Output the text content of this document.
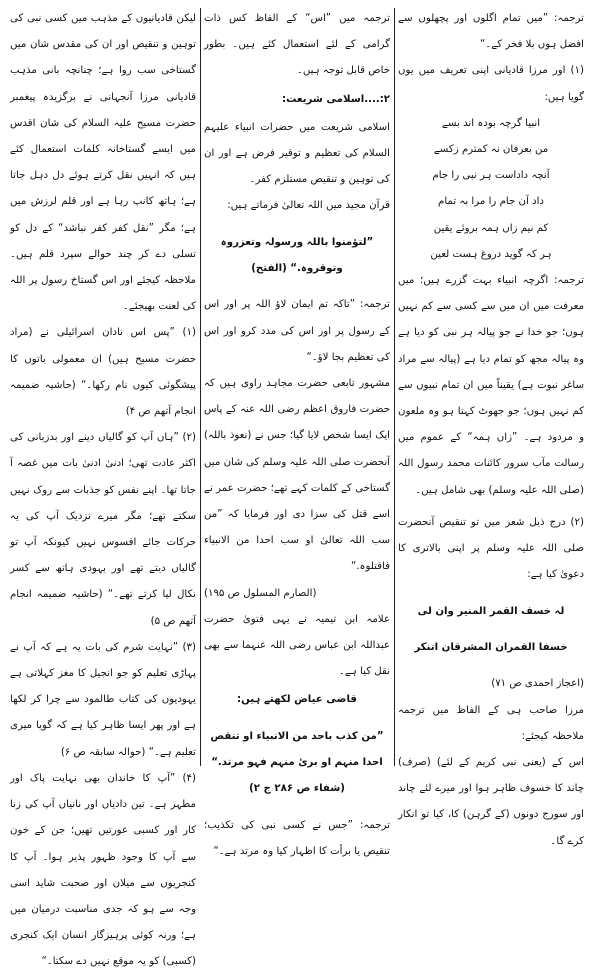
ترجمہ: ”میں تمام اگلوں اور پچھلوں سے افضل ہوں بلا فخر کے۔“

(۱) اور مرزا قادیانی اپنی تعریف میں یوں گویا ہیں:

انبیا گرچہ بودہ اند بسے

من بعرفان نہ کمترم زکسے

آنچہ داداست ہر نبی را جام

داد آن جام را مرا بہ تمام

کم نیم زاں ہمہ بروئے یقین

ہر کہ گوید دروغ ہست لعین

ترجمہ: اگرچہ انبیاء بہت گزرے ہیں؛ میں معرفت میں ان میں سے کسی سے کم نہیں ہوں؛ جو خدا نے جو پیالہ ہر نبی کو دیا ہے وہ پیالہ مجھ کو تمام دیا ہے (پیالہ سے مراد ساغر نبوت ہے) یقیناً میں ان تمام نبیوں سے کم نہیں ہوں؛ جو جھوٹ کہتا ہو وہ ملعون و مردود ہے۔ ”زاں ہمہ“ کے عموم میں رسالت مآب سرور کائنات محمد رسول اللہ (صلی اللہ علیہ وسلم) بھی شامل ہیں۔

(۲) درج ذیل شعر میں تو تنقیص آنحضرت صلی اللہ علیہ وسلم پر اپنی بالاتری کا دعویٰ کیا ہے:

لہ خسف القمر المنیر وان لی

خسفا القمران المشرقان اتنکر

(اعجاز احمدی ص ۷۱)

مرزا صاحب ہی کے الفاظ میں ترجمہ ملاحظہ کیجئے:

اس کے (یعنی نبی کریم کے لئے) (صرف) چاند کا خسوف ظاہر ہوا اور میرے لئے چاند اور سورج دونوں (کے گرہن) کا، کیا تو انکار کرے گا۔

ترجمہ میں ”اس“ کے الفاظ کس ذات گرامی کے لئے استعمال کئے ہیں۔ بطور خاص قابل توجہ ہیں۔

۲:....اسلامی شریعت:

اسلامی شریعت میں حضرات انبیاء علیہم السلام کی تعظیم و توقیر فرض ہے اور ان کی توہین و تنقیص مستلزم کفر۔

قرآن مجید میں اللہ تعالیٰ فرماتے ہیں:

”لتؤمنوا باللہ ورسولہ وتعزروہ وتوقروہ.“ (الفتح)

ترجمہ: ”تاکہ تم ایمان لاؤ اللہ پر اور اس کے رسول پر اور اس کی مدد کرو اور اس کی تعظیم بجا لاؤ۔“

مشہور تابعی حضرت مجاہد راوی ہیں کہ حضرت فاروق اعظم رضی اللہ عنہ کے پاس ایک ایسا شخص لایا گیا؛ جس نے (نعوذ باللہ) آنحضرت صلی اللہ علیہ وسلم کی شان میں گستاخی کے کلمات کہے تھے؛ حضرت عمر نے اسے قتل کی سزا دی اور فرمایا کہ ”من سب اللہ تعالیٰ او سب احدا من الانبیاء فاقتلوہ.“

(الصارم المسلول ص ۱۹۵)

علامہ ابن تیمیہ نے یہی فتویٰ حضرت عبداللہ ابن عباس رضی اللہ عنہما سے بھی نقل کیا ہے۔

قاضی عیاض لکھتے ہیں:

”من کذب باحد من الانبیاء او تنقص احدا منہم او بریٔ منہم فہو مرتد.“ (شفاء ص ۲۸۶ ج ۲)

ترجمہ: ”جس نے کسی نبی کی تکذیب؛ تنقیص یا برأت کا اظہار کیا وہ مرتد ہے۔“

لیکن قادیانیوں کے مذہب میں کسی نبی کی توہین و تنقیص اور ان کی مقدس شان میں گستاخی سب روا ہے؛ چنانچہ بانی مذہب قادیانی مرزا آنجہانی نے برگزیدہ پیغمبر حضرت مسیح علیہ السلام کی شان اقدس میں ایسے گستاخانہ کلمات استعمال کئے ہیں کہ انہیں نقل کرتے ہوئے دل دہل جاتا ہے؛ ہاتھ کانپ رہا ہے اور قلم لرزش میں ہے؛ مگر ”نقل کفر کفر نباشد“ کے دل کو تسلی دے کر چند حوالے سپرد قلم ہیں۔ ملاحظہ کیجئے اور اس گستاخ رسول پر اللہ کی لعنت بھیجئے۔

(۱) ”پس اس نادان اسرائیلی نے (مراد حضرت مسیح ہیں) ان معمولی باتوں کا پیشگوئی کیوں نام رکھا۔“ (حاشیہ ضمیمہ انجام آتھم ص ۴)

(۲) ”ہاں آپ کو گالیاں دینے اور بدزبانی کی اکثر عادت تھی؛ ادنیٰ ادنیٰ بات میں غصہ آ جاتا تھا۔ اپنے نفس کو جذبات سے روک نہیں سکتے تھے؛ مگر میرے نزدیک آپ کی یہ حرکات جائے افسوس نہیں کیونکہ آپ تو گالیاں دیتے تھے اور یہودی ہاتھ سے کسر نکال لیا کرتے تھے۔“ (حاشیہ ضمیمہ انجام آتھم ص ۵)

(۳) ”نہایت شرم کی بات یہ ہے کہ آپ نے پہاڑی تعلیم کو جو انجیل کا مغز کہلاتی ہے یہودیوں کی کتاب طالمود سے چرا کر لکھا ہے اور پھر ایسا ظاہر کیا ہے کہ گویا میری تعلیم ہے۔“ (حوالہ سابقہ ص ۶)

(۴) ”آپ کا خاندان بھی نہایت پاک اور مطہر ہے۔ تین دادیاں اور نانیاں آپ کی زنا کار اور کسبی عورتیں تھیں؛ جن کے خون سے آپ کا وجود ظہور پذیر ہوا۔ آپ کا کنجریوں سے میلان اور صحبت شاید اسی وجہ سے ہو کہ جدی مناسبت درمیان میں ہے؛ ورنہ کوئی پرہیزگار انسان ایک کنجری (کسبی) کو یہ موقع نہیں دے سکتا۔“
